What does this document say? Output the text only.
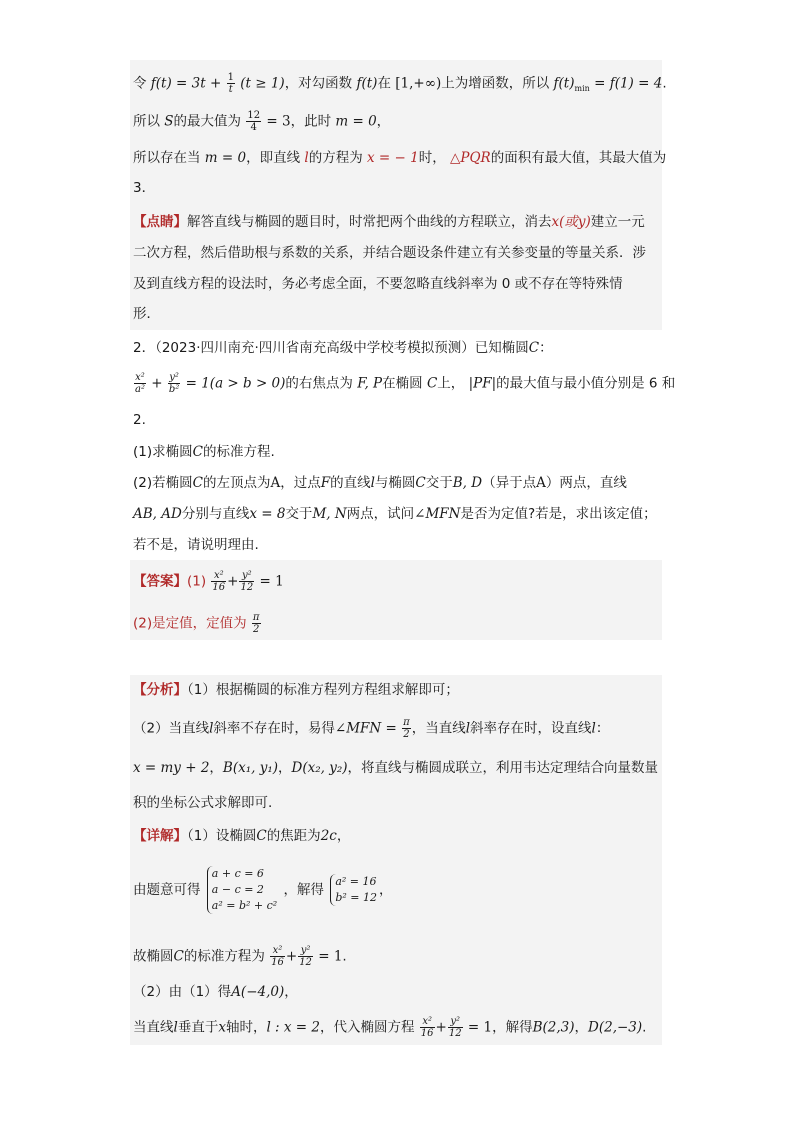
令 $f(t) = 3t + \frac{1}{t} (t \ge 1)$，对勾函数 f(t)在 [1,+∞)上为增函数，所以 $f(t)_{min} = f(1) = 4$.
所以 S的最大值为 $\frac{12}{4} = 3$，此时 m = 0，
所以存在当 m = 0，即直线 l的方程为 x = − 1时， △PQR的面积有最大值，其最大值为
3．
【点睛】解答直线与椭圆的题目时，时常把两个曲线的方程联立，消去x(或y)建立一元
二次方程，然后借助根与系数的关系，并结合题设条件建立有关参变量的等量关系．涉
及到直线方程的设法时，务必考虑全面，不要忽略直线斜率为 0 或不存在等特殊情
形．
2．（2023·四川南充·四川省南充高级中学校考模拟预测）已知椭圆C：
$\frac{\text{x²}}{\text{a²}} + \frac{\text{y²}}{\text{b²}} = 1(a > b > 0)$的右焦点为 F, P在椭圆 C上， |PF|的最大值与最小值分别是 6 和
2.
(1)求椭圆C的标准方程.
(2)若椭圆C的左顶点为A，过点F的直线l与椭圆C交于B, D（异于点A）两点，直线
AB, AD分别与直线x = 8交于M, N两点，试问∠MFN是否为定值?若是，求出该定值；
若不是，请说明理由.
【答案】$(1) \frac{\text{x²}}{16} + \frac{\text{y²}}{12} = 1$
(2)是定值，定值为 $\frac{\pi}{2}$
【分析】（1）根据椭圆的标准方程列方程组求解即可；
（2）当直线l斜率不存在时，易得∠MFN = $\frac{\pi}{2}$ ，当直线l斜率存在时，设直线l：
x = my + 2，B(x₁, y₁)，D(x₂, y₂)，将直线与椭圆成联立，利用韦达定理结合向量数量
积的坐标公式求解即可.
【详解】（1）设椭圆C的焦距为2c，
由题意可得
a + c = 6
a − c = 2
a² = b² + c²
，解得
a² = 16
b² = 12 ，
故椭圆C的标准方程为 $\frac{\text{x²}}{16} + \frac{\text{y²}}{12} = 1$.
（2）由（1）得A(−4,0)，
当直线l垂直于x轴时，l : x = 2，代入椭圆方程 $\frac{\text{x²}}{16} + \frac{\text{y²}}{12} = 1$，解得B(2,3)，D(2,−3).
